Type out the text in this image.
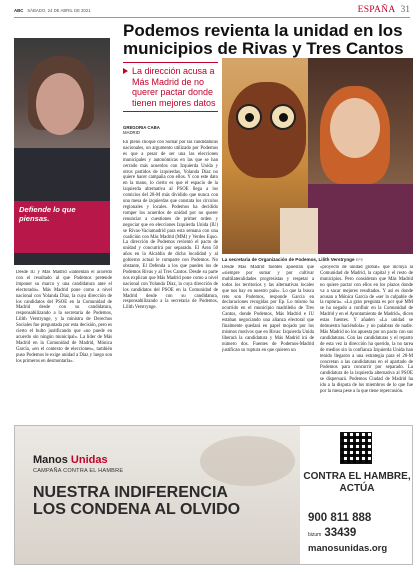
ABC SÁBADO, 24 DE ABRIL DE 2021	ESPAÑA 31
Defiende lo que piensas.
Podemos revienta la unidad en los municipios de Rivas y Tres Cantos
La dirección acusa a Más Madrid de no querer pactar donde tienen mejores datos
GREGORIA CABA
MADRID
En pleno choque con Sumar por las candidaturas nacionales, un argumento utilizado por Podemos es que a pesar de ser una las elecciones municipales y autonómicas en las que se han cerrado más acuerdos con Izquierda Unida y otros partidos de izquierdas, Yolanda Díaz no quiere hacer campaña con ellos. Y con este dato en la mano, lo cierto es que el espacio de la izquierda alternativa al PSOE llega a los comicios del 28-M más dividido que nunca con una mesa de izquierdas que constata los círculos regionales y locales. Podemos ha decidido romper los acuerdos de unidad por no querer renunciar a cuestiones de primer orden y negociar que en elecciones Izquierda Unida (IU) se Rivas-Vaciamadrid para esta semana con una coalición con Más Madrid (MM) y Verdes Equo. La dirección de Podemos revientó el pacto de unidad y concurrirá por separado. El Área 50 años en la Alcaldía de dicha localidad y al gobierno actual le comparte con Podemos. No obstante, El Defenda a los que pueden los de Podemos Rivas y al Tres Cantos. Desde su parte nos explican que Más Madrid pone como a nivel nacional con Yolanda Díaz, la cuya dirección de los candidatos del PSOE en la Comunidad de Madrid desde con su candidatura, responsabilizando a la secretaria de Podemos, Lilith Verstrynge.
Desde IU y Más Madrid «lamentan el acuerdo con el resultado al que Podemos pretende imponer su marco y una candidatura ante el electorado». Más Madrid pone como a nivel nacional con Yolanda Díaz, la cuya dirección de los candidatos del PSOE en la Comunidad de Madrid desde con su candidatura, responsabilizando a la secretaria de Podemos, Lilith Verstrynge, y la ministra de Derechos Sociales fue preguntada por esta decisión, pero es cierto el bulto justificando que «no puede en acuerdo sin ningún municipal». La líder de Más Madrid en la Comunidad de Madrid, Mónica García, «en el contexto de elecciones», también puso Podemos le exige unidad a Díaz y luego son los primeros en desmontarla».
La secretaria de Organización de Podemos, Lilith Verstrynge EFE
Desde Más Madrid fuentes apuestan que «siempre por sumar y por cultivar multilateralidades progresistas y respetar a todos los territorios y las alternativas locales que nos hay en nuestro país». Lo que la busca reto son Podemos, responde García en declaraciones recogidas por Ep. Lo mismo ha ocurrido en el municipio madrileño de Tres Cantos, donde Podemos, Más Madrid e IU estaban negociando una alianza electoral que finalmente quedará en papel mojado por los mismos motivos que en Rivas: Izquierda Unida liberará la candidatura y Más Madrid irá de número dos. Fuentes de Podemos-Madrid justifican su ruptura en que quieren un
«proyecto de unidad global» que incluya la Comunidad de Madrid, la capital y el resto de municipios. Pero consideran que Más Madrid no quiere pactar con ellos en los plazos donde va a sacar mejores resultados. Y así es donde acusan a Mónica García de «ser la culpable de la ruptura». «La gran pregunta es por qué MM se ha negado a confluir en la Comunidad de Madrid y en el Ayuntamiento de Madrid», dicen estas fuentes. Y añaden «La unidad se demuestra haciéndola» y no palabras de nadie. Más Madrid no los apuesta por un pacto con sus candidaturas. Con las candidaturas y el reparto de esta vez la dirección ha querido, la no tarea de medios sin la confianza Izquierda Unida han tenido llegaron a una estrategia para el 28-M concretan a las candidaturas en el apartado de Podemos para concurrir por separado. La candidatura de la izquierda alternativa al PSOE se dispersará. Podemos Ciudad de Madrid ha ido a la disputa de los miembros de lo que fue por la mesa pese a la que tiene repercusión.
Manos Unidas
CAMPAÑA CONTRA EL HAMBRE
NUESTRA INDIFERENCIA
LOS CONDENA AL OLVIDO
CONTRA EL HAMBRE,
ACTÚA
900 811 888
bizum 33439
manosunidas.org
